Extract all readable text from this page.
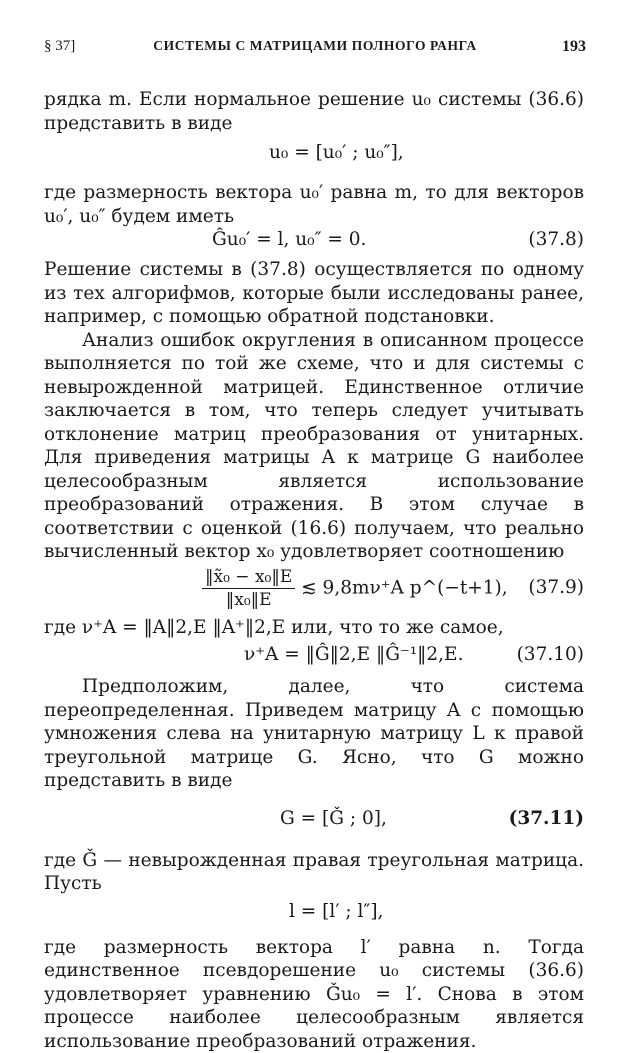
§ 37]	СИСТЕМЫ С МАТРИЦАМИ ПОЛНОГО РАНГА	193

рядка m. Если нормальное решение u₀ системы (36.6) представить в виде

u₀ = [u₀′ ; u₀″],

где размерность вектора u₀′ равна m, то для векторов u₀′, u₀″ будем иметь

Ĝu₀′ = l, u₀″ = 0.	(37.8)

Решение системы в (37.8) осуществляется по одному из тех алгорифмов, которые были исследованы ранее, например, с помощью обратной подстановки.

Анализ ошибок округления в описанном процессе выполняется по той же схеме, что и для системы с невырожденной матрицей. Единственное отличие заключается в том, что теперь следует учитывать отклонение матриц преобразования от унитарных. Для приведения матрицы A к матрице G наиболее целесообразным является использование преобразований отражения. В этом случае в соответствии с оценкой (16.6) получаем, что реально вычисленный вектор x₀ удовлетворяет соотношению

$\frac{\text{‖x̃₀ − x₀‖E}}{\text{‖x₀‖E}}$ ≲ 9,8mν⁺A p^(−t+1), (37.9)

где ν⁺A = ‖A‖2,E ‖A⁺‖2,E или, что то же самое,

ν⁺A = ‖Ĝ‖2,E ‖Ĝ⁻¹‖2,E.	(37.10)

Предположим, далее, что система переопределенная. Приведем матрицу A с помощью умножения слева на унитарную матрицу L к правой треугольной матрице G. Ясно, что G можно представить в виде

G = [Ǧ ; 0],	(37.11)

где Ǧ — невырожденная правая треугольная матрица. Пусть

l = [l′ ; l″],

где размерность вектора l′ равна n. Тогда единственное псевдорешение u₀ системы (36.6) удовлетворяет уравнению Ǧu₀ = l′. Снова в этом процессе наиболее целесообразным является использование преобразований отражения.
